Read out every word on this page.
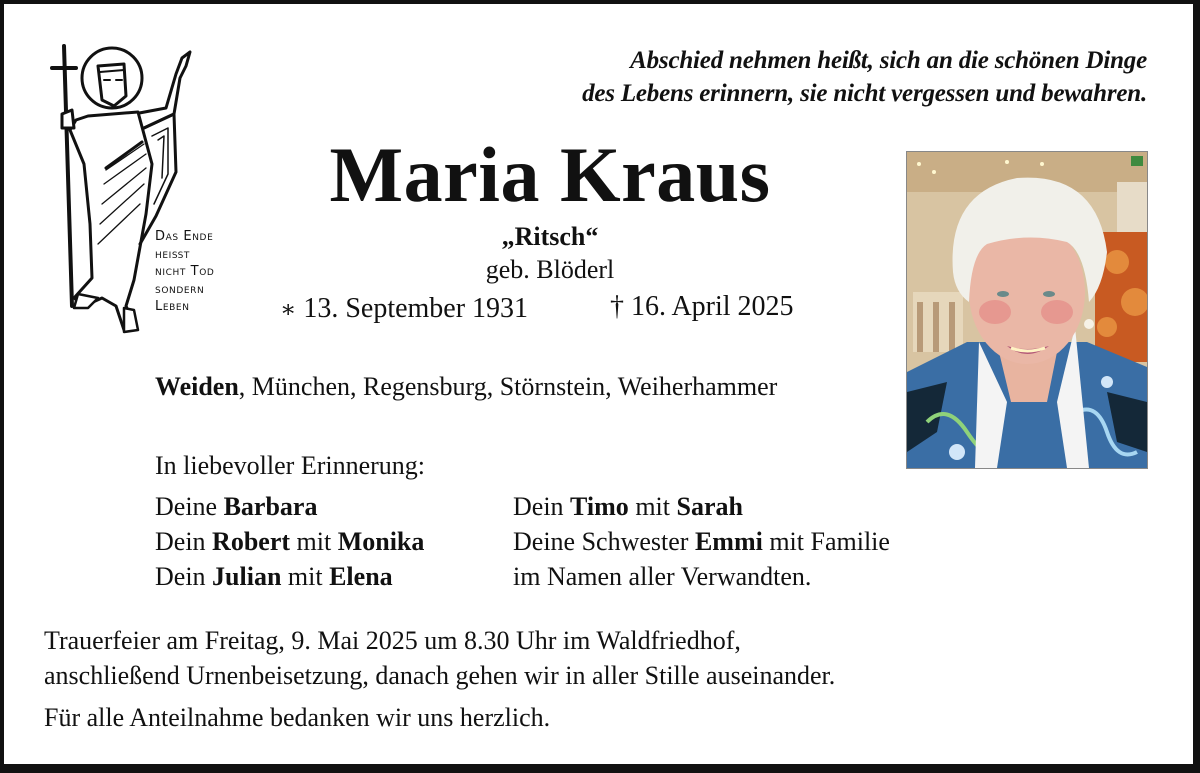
Das Ende
heißt
nicht Tod
sondern
Leben
Abschied nehmen heißt, sich an die schönen Dinge
des Lebens erinnern, sie nicht vergessen und bewahren.
Maria Kraus
„Ritsch“
geb. Blöderl
∗ 13. September 1931	† 16. April 2025
Weiden, München, Regensburg, Störnstein, Weiherhammer
In liebevoller Erinnerung:
Deine Barbara
Dein Robert mit Monika
Dein Julian mit Elena
Dein Timo mit Sarah
Deine Schwester Emmi mit Familie
im Namen aller Verwandten.
Trauerfeier am Freitag, 9. Mai 2025 um 8.30 Uhr im Waldfriedhof,
anschließend Urnenbeisetzung, danach gehen wir in aller Stille auseinander.
Für alle Anteilnahme bedanken wir uns herzlich.
